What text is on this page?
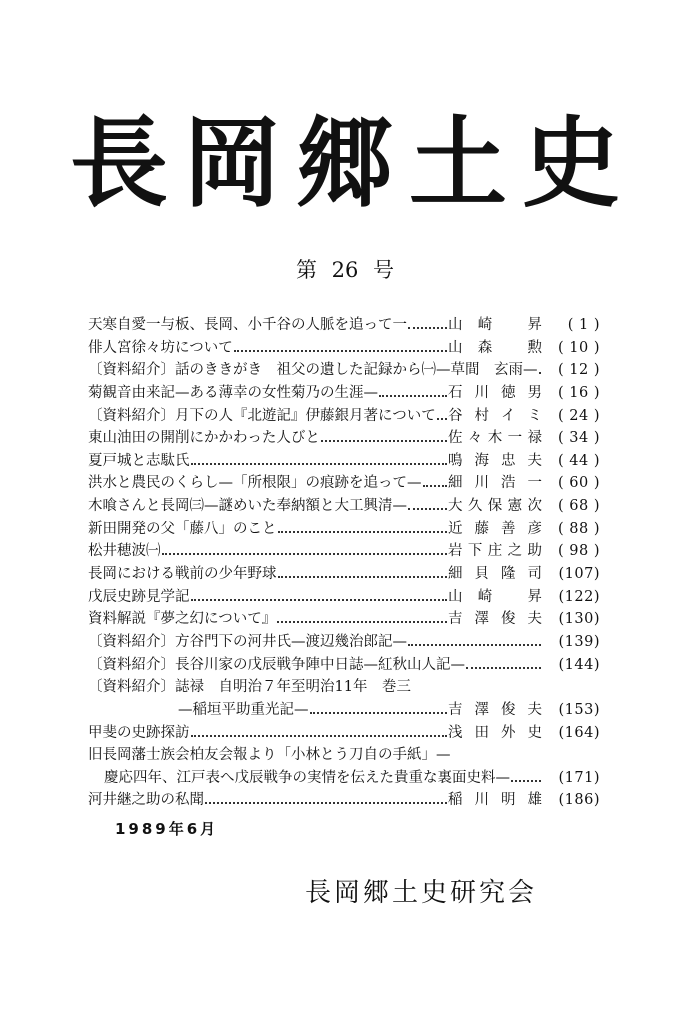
長 岡 郷 土 史
第 26 号
天寒自愛一与板、長岡、小千谷の人脈を追って一	山崎 昇	( 1 )
俳人宮徐々坊について	山森 勲	( 10 )
〔資料紹介〕話のききがき　祖父の遺した記録から㈠—草間　玄雨—	( 12 )
菊観音由来記—ある薄幸の女性菊乃の生涯—	石川徳男	( 16 )
〔資料紹介〕月下の人『北遊記』伊藤銀月著について 谷村イミ	( 24 )
東山油田の開削にかかわった人びと	佐々木一禄	( 34 )
夏戸城と志駄氏	鳴海忠夫	( 44 )
洪水と農民のくらし—「所根限」の痕跡を追って— 細川浩一	( 60 )
木喰さんと長岡㈢—謎めいた奉納額と大工興清—	大久保憲次	( 68 )
新田開発の父「藤八」のこと	近藤善彦	( 88 )
松井穂波㈠	岩下庄之助	( 98 )
長岡における戦前の少年野球	細貝隆司	(107)
戊辰史跡見学記	山崎 昇	(122)
資料解説『夢之幻について』	吉澤俊夫	(130)
〔資料紹介〕方谷門下の河井氏—渡辺幾治郎記—	(139)
〔資料紹介〕長谷川家の戊辰戦争陣中日誌—紅秋山人記—	(144)
〔資料紹介〕誌禄　自明治７年至明治11年　巻三
—稲垣平助重光記—	吉澤俊夫	(153)
甲斐の史跡探訪	浅田外史	(164)
旧長岡藩士族会柏友会報より「小林とう刀自の手紙」—
慶応四年、江戸表へ戊辰戦争の実情を伝えた貴重な裏面史料—	(171)
河井継之助の私聞	稲川明雄	(186)
1989年6月
長岡郷土史研究会
